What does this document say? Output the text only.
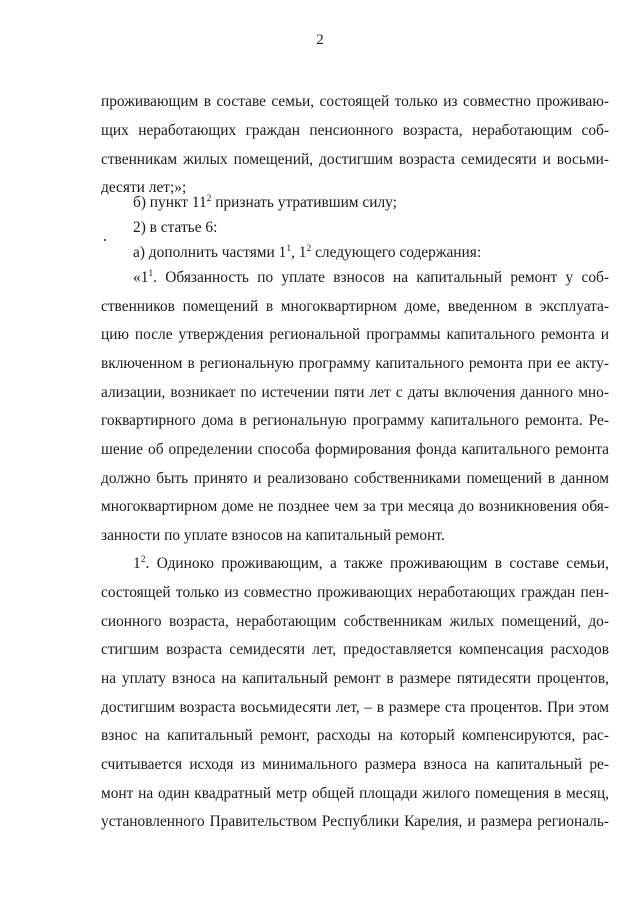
2
проживающим в составе семьи, состоящей только из совместно проживаю-
щих неработающих граждан пенсионного возраста, неработающим соб-
ственникам жилых помещений, достигшим возраста семидесяти и восьми-
десяти лет;»;
б) пункт $11^2$ признать утратившим силу;
2) в статье 6:
а) дополнить частями $1^1$, $1^2$ следующего содержания:
«$1^1$. Обязанность по уплате взносов на капитальный ремонт у соб-
ственников помещений в многоквартирном доме, введенном в эксплуата-
цию после утверждения региональной программы капитального ремонта и
включенном в региональную программу капитального ремонта при ее акту-
ализации, возникает по истечении пяти лет с даты включения данного мно-
гоквартирного дома в региональную программу капитального ремонта. Ре-
шение об определении способа формирования фонда капитального ремонта
должно быть принято и реализовано собственниками помещений в данном
многоквартирном доме не позднее чем за три месяца до возникновения обя-
занности по уплате взносов на капитальный ремонт.
$1^2$. Одиноко проживающим, а также проживающим в составе семьи,
состоящей только из совместно проживающих неработающих граждан пен-
сионного возраста, неработающим собственникам жилых помещений, до-
стигшим возраста семидесяти лет, предоставляется компенсация расходов
на уплату взноса на капитальный ремонт в размере пятидесяти процентов,
достигшим возраста восьмидесяти лет, – в размере ста процентов. При этом
взнос на капитальный ремонт, расходы на который компенсируются, рас-
считывается исходя из минимального размера взноса на капитальный ре-
монт на один квадратный метр общей площади жилого помещения в месяц,
установленного Правительством Республики Карелия, и размера региональ-
